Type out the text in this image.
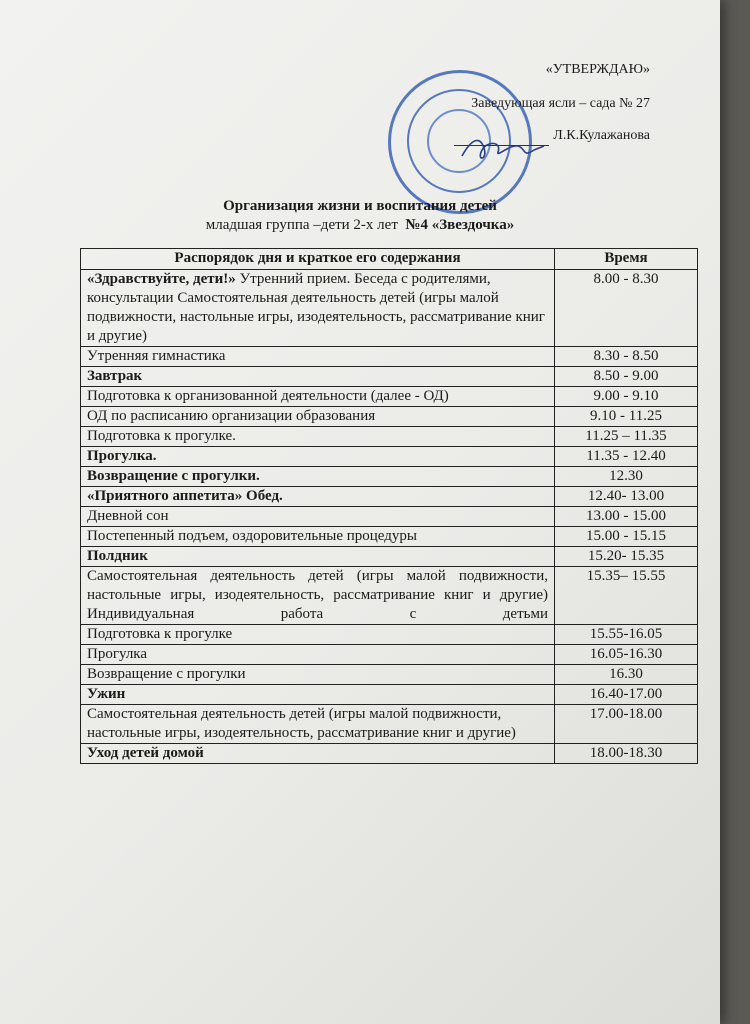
«УТВЕРЖДАЮ»
Заведующая ясли – сада № 27
Л.К.Кулажанова
Организация жизни и воспитания детей
младшая группа –дети 2-х лет №4 «Звездочка»
Распорядок дня и краткое его содержания	Время
«Здравствуйте, дети!» Утренний прием. Беседа с родителями, консультации Самостоятельная деятельность детей (игры малой подвижности, настольные игры, изодеятельность, рассматривание книг и другие)	8.00 - 8.30
Утренняя гимнастика	8.30 - 8.50
Завтрак	8.50 - 9.00
Подготовка к организованной деятельности (далее - ОД)	9.00 - 9.10
ОД по расписанию организации образования	9.10 - 11.25
Подготовка к прогулке.	11.25 – 11.35
Прогулка.	11.35 - 12.40
Возвращение с прогулки.	12.30
«Приятного аппетита» Обед.	12.40- 13.00
Дневной сон	13.00 - 15.00
Постепенный подъем, оздоровительные процедуры	15.00 - 15.15
Полдник	15.20- 15.35
Самостоятельная деятельность детей (игры малой подвижности, настольные игры, изодеятельность, рассматривание книг и другие) Индивидуальная работа с детьми	15.35– 15.55
Подготовка к прогулке	15.55-16.05
Прогулка	16.05-16.30
Возвращение с прогулки	16.30
Ужин	16.40-17.00
Самостоятельная деятельность детей (игры малой подвижности, настольные игры, изодеятельность, рассматривание книг и другие)	17.00-18.00
Уход детей домой	18.00-18.30
